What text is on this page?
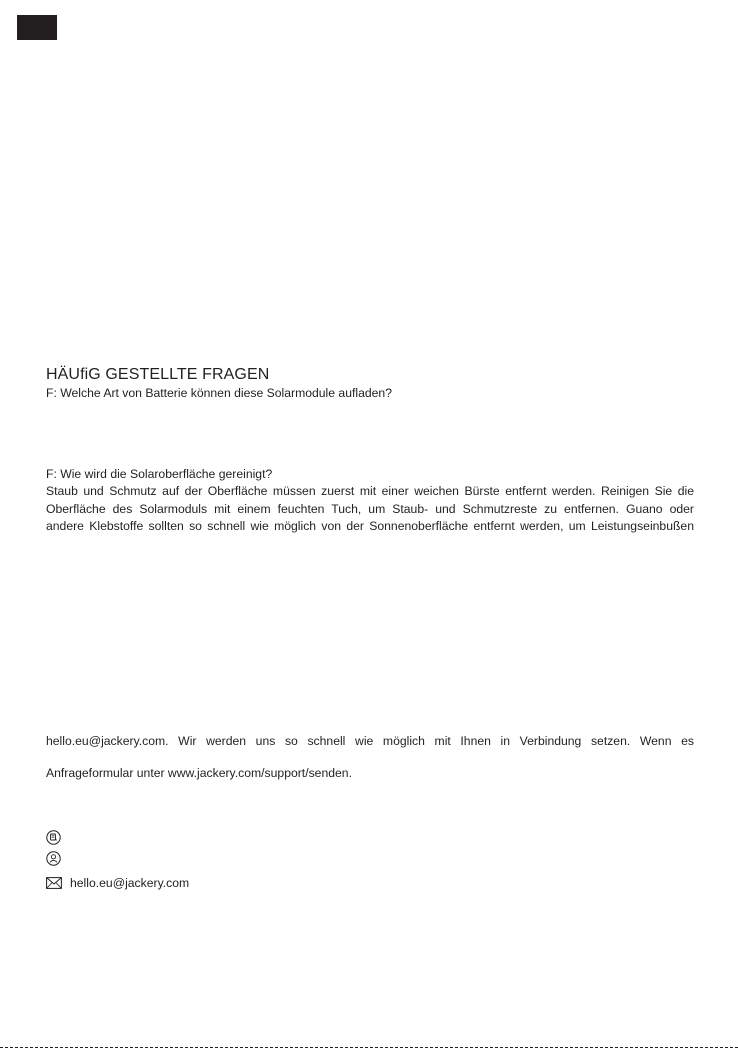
HÄUfiG GESTELLTE FRAGEN

F: Welche Art von Batterie können diese Solarmodule aufladen?

F: Wie wird die Solaroberfläche gereinigt?

Staub und Schmutz auf der Oberfläche müssen zuerst mit einer weichen Bürste entfernt werden. Reinigen Sie die

Oberfläche des Solarmoduls mit einem feuchten Tuch, um Staub- und Schmutzreste zu entfernen. Guano oder

andere Klebstoffe sollten so schnell wie möglich von der Sonnenoberfläche entfernt werden, um Leistungseinbußen

hello.eu@jackery.com. Wir werden uns so schnell wie möglich mit Ihnen in Verbindung setzen. Wenn es

Anfrageformular unter www.jackery.com/support/senden.

hello.eu@jackery.com
